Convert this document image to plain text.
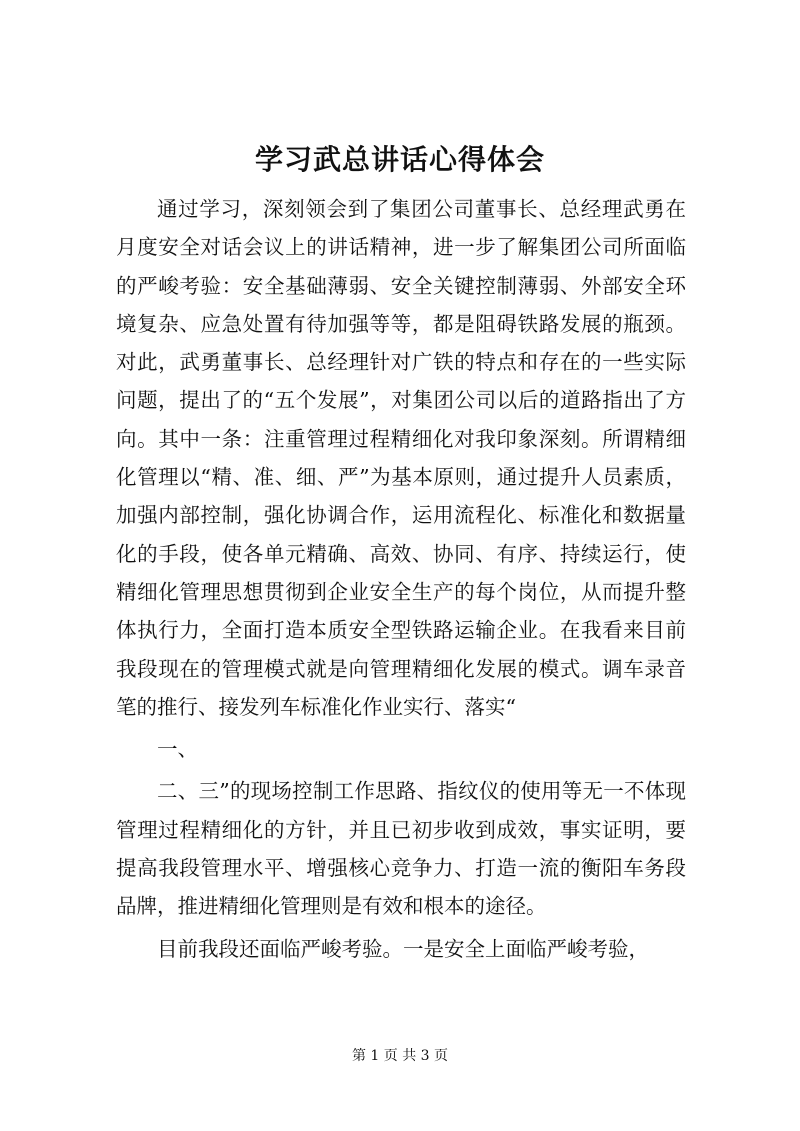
学习武总讲话心得体会

通过学习，深刻领会到了集团公司董事长、总经理武勇在月度安全对话会议上的讲话精神，进一步了解集团公司所面临的严峻考验：安全基础薄弱、安全关键控制薄弱、外部安全环境复杂、应急处置有待加强等等，都是阻碍铁路发展的瓶颈。对此，武勇董事长、总经理针对广铁的特点和存在的一些实际问题，提出了的“五个发展”，对集团公司以后的道路指出了方向。其中一条：注重管理过程精细化对我印象深刻。所谓精细化管理以“精、准、细、严”为基本原则，通过提升人员素质，加强内部控制，强化协调合作，运用流程化、标准化和数据量化的手段，使各单元精确、高效、协同、有序、持续运行，使精细化管理思想贯彻到企业安全生产的每个岗位，从而提升整体执行力，全面打造本质安全型铁路运输企业。在我看来目前我段现在的管理模式就是向管理精细化发展的模式。调车录音笔的推行、接发列车标准化作业实行、落实“

一、

二、三”的现场控制工作思路、指纹仪的使用等无一不体现管理过程精细化的方针，并且已初步收到成效，事实证明，要提高我段管理水平、增强核心竞争力、打造一流的衡阳车务段品牌，推进精细化管理则是有效和根本的途径。

目前我段还面临严峻考验。一是安全上面临严峻考验，

第 1 页 共 3 页
